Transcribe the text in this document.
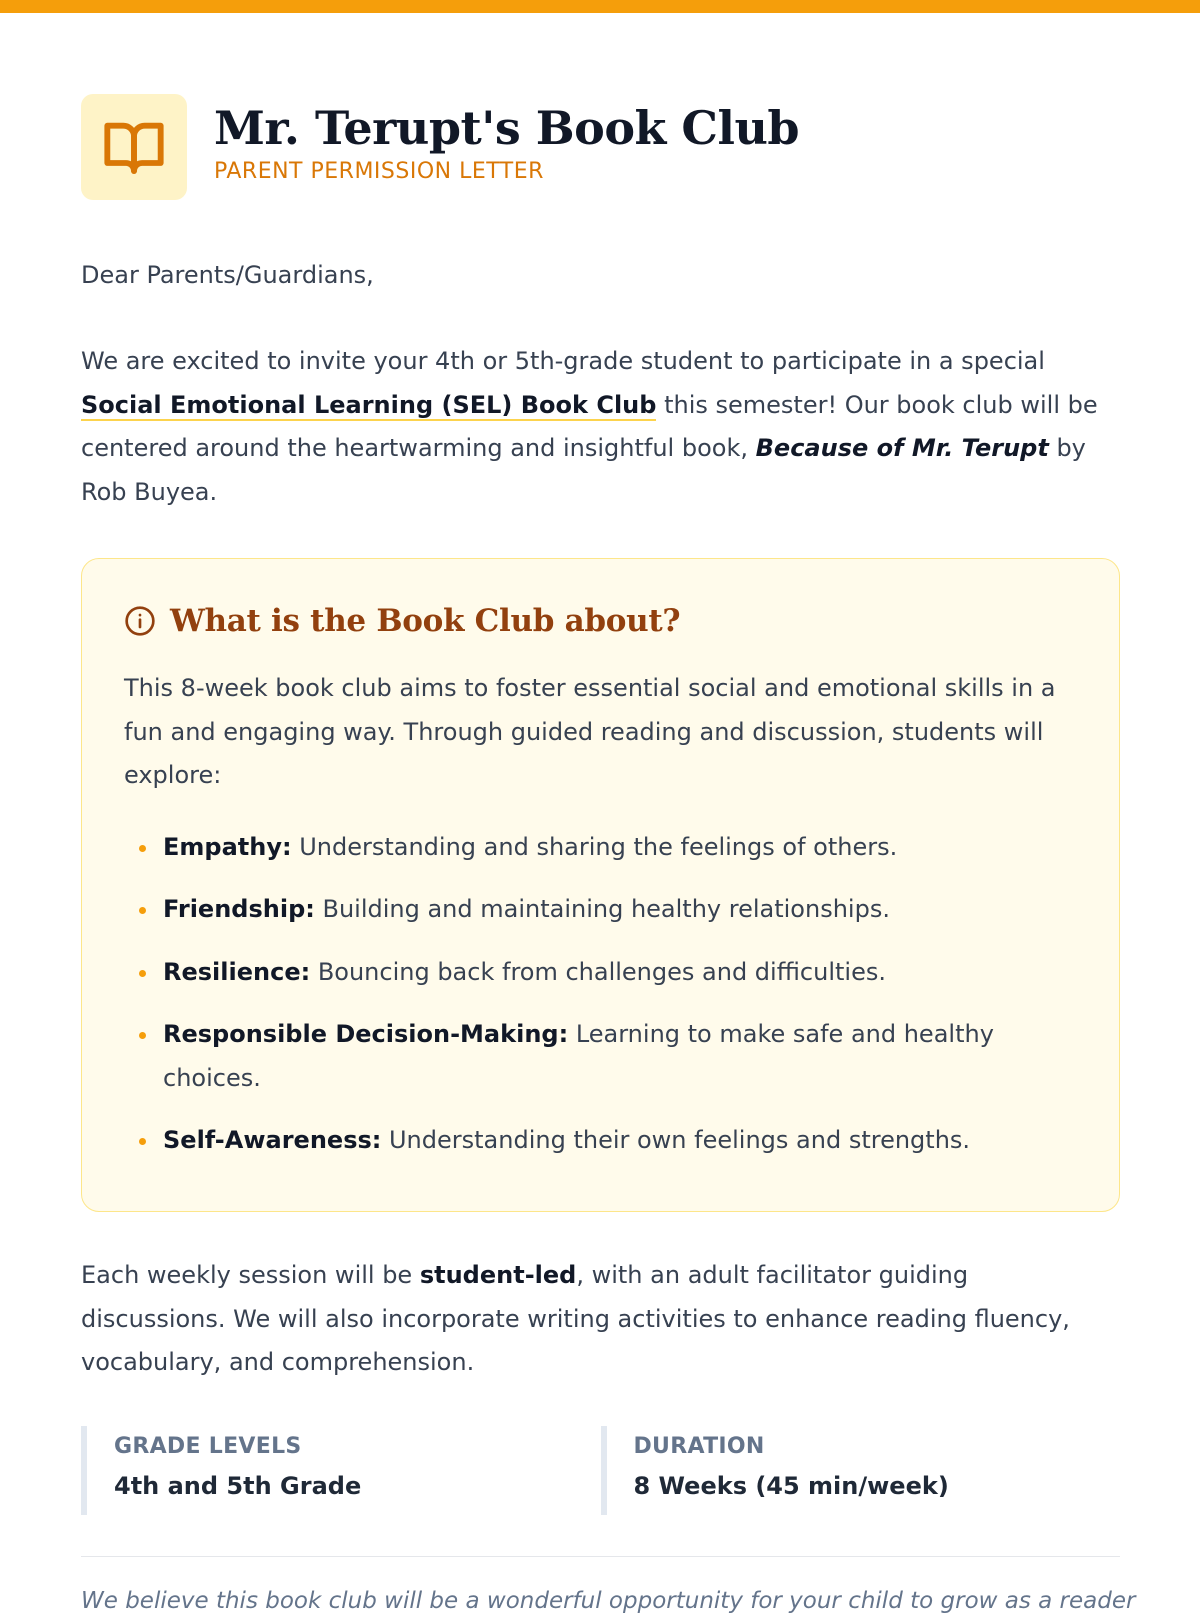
Mr. Terupt's Book Club
PARENT PERMISSION LETTER
Dear Parents/Guardians,
We are excited to invite your 4th or 5th-grade student to participate in a special Social Emotional Learning (SEL) Book Club this semester! Our book club will be centered around the heartwarming and insightful book, Because of Mr. Terupt by Rob Buyea.
What is the Book Club about?
This 8-week book club aims to foster essential social and emotional skills in a fun and engaging way. Through guided reading and discussion, students will explore:
Empathy: Understanding and sharing the feelings of others.
Friendship: Building and maintaining healthy relationships.
Resilience: Bouncing back from challenges and difficulties.
Responsible Decision-Making: Learning to make safe and healthy choices.
Self-Awareness: Understanding their own feelings and strengths.
Each weekly session will be student-led, with an adult facilitator guiding discussions. We will also incorporate writing activities to enhance reading fluency, vocabulary, and comprehension.
GRADE LEVELS
4th and 5th Grade
DURATION
8 Weeks (45 min/week)
We believe this book club will be a wonderful opportunity for your child to grow as a reader
